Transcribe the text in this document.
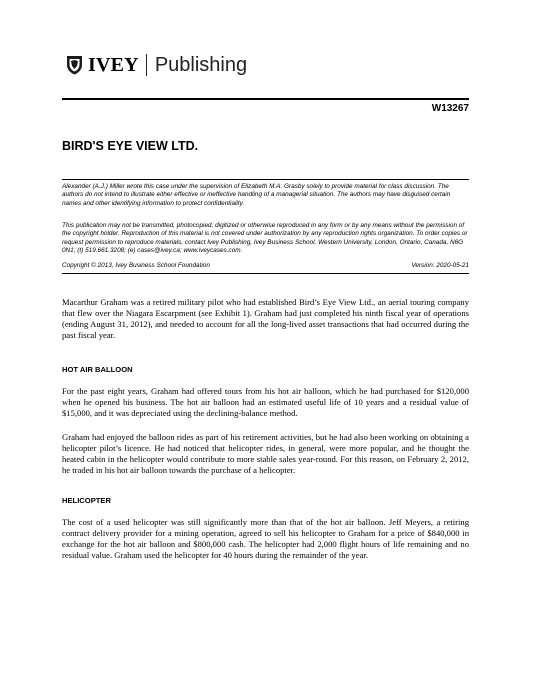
IVEY Publishing
W13267
BIRD'S EYE VIEW LTD.

Alexander (A.J.) Miller wrote this case under the supervision of Elizabeth M.A. Grasby solely to provide material for class discussion. The authors do not intend to illustrate either effective or ineffective handling of a managerial situation. The authors may have disguised certain names and other identifying information to protect confidentiality.

This publication may not be transmitted, photocopied, digitized or otherwise reproduced in any form or by any means without the permission of the copyright holder. Reproduction of this material is not covered under authorization by any reproduction rights organization. To order copies or request permission to reproduce materials, contact Ivey Publishing, Ivey Business School, Western University, London, Ontario, Canada, N6G 0N1; (t) 519.661.3208; (e) cases@ivey.ca; www.iveycases.com.

Copyright © 2013, Ivey Business School Foundation	Version: 2020-05-21

Macarthur Graham was a retired military pilot who had established Bird’s Eye View Ltd., an aerial touring company that flew over the Niagara Escarpment (see Exhibit 1). Graham had just completed his ninth fiscal year of operations (ending August 31, 2012), and needed to account for all the long-lived asset transactions that had occurred during the past fiscal year.

HOT AIR BALLOON

For the past eight years, Graham had offered tours from his hot air balloon, which he had purchased for $120,000 when he opened his business. The hot air balloon had an estimated useful life of 10 years and a residual value of $15,000, and it was depreciated using the declining-balance method.

Graham had enjoyed the balloon rides as part of his retirement activities, but he had also been working on obtaining a helicopter pilot’s licence. He had noticed that helicopter rides, in general, were more popular, and he thought the heated cabin in the helicopter would contribute to more stable sales year-round. For this reason, on February 2, 2012, he traded in his hot air balloon towards the purchase of a helicopter.

HELICOPTER

The cost of a used helicopter was still significantly more than that of the hot air balloon. Jeff Meyers, a retiring contract delivery provider for a mining operation, agreed to sell his helicopter to Graham for a price of $840,000 in exchange for the hot air balloon and $800,000 cash. The helicopter had 2,000 flight hours of life remaining and no residual value. Graham used the helicopter for 40 hours during the remainder of the year.
